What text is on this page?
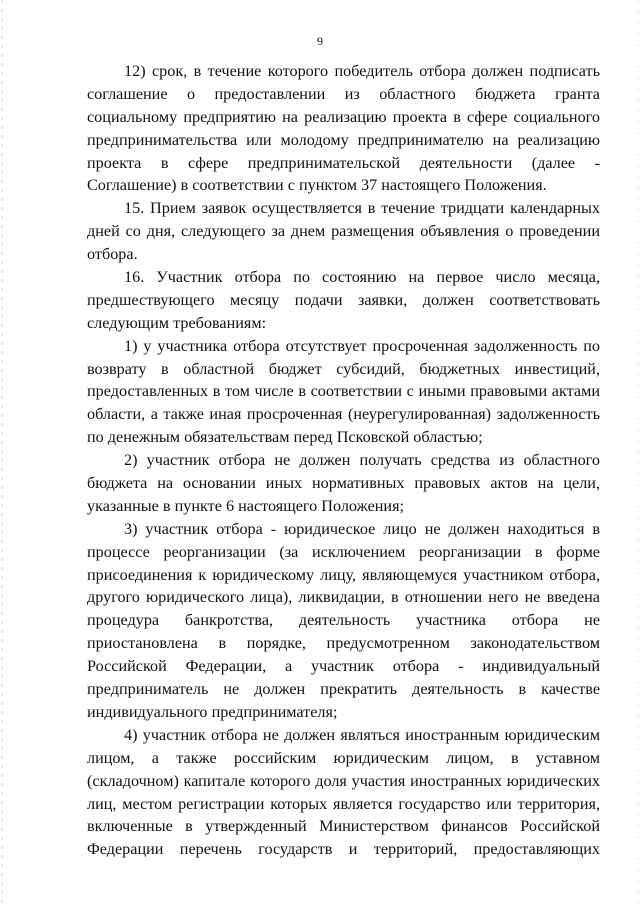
9
12) срок, в течение которого победитель отбора должен подписать
соглашение о предоставлении из областного бюджета гранта
социальному предприятию на реализацию проекта в сфере социального
предпринимательства или молодому предпринимателю на реализацию
проекта в сфере предпринимательской деятельности (далее -
Соглашение) в соответствии с пунктом 37 настоящего Положения.
15. Прием заявок осуществляется в течение тридцати календарных
дней со дня, следующего за днем размещения объявления о проведении
отбора.
16. Участник отбора по состоянию на первое число месяца,
предшествующего месяцу подачи заявки, должен соответствовать
следующим требованиям:
1) у участника отбора отсутствует просроченная задолженность по
возврату в областной бюджет субсидий, бюджетных инвестиций,
предоставленных в том числе в соответствии с иными правовыми актами
области, а также иная просроченная (неурегулированная) задолженность
по денежным обязательствам перед Псковской областью;
2) участник отбора не должен получать средства из областного
бюджета на основании иных нормативных правовых актов на цели,
указанные в пункте 6 настоящего Положения;
3) участник отбора - юридическое лицо не должен находиться в
процессе реорганизации (за исключением реорганизации в форме
присоединения к юридическому лицу, являющемуся участником отбора,
другого юридического лица), ликвидации, в отношении него не введена
процедура банкротства, деятельность участника отбора не
приостановлена в порядке, предусмотренном законодательством
Российской Федерации, а участник отбора - индивидуальный
предприниматель не должен прекратить деятельность в качестве
индивидуального предпринимателя;
4) участник отбора не должен являться иностранным юридическим
лицом, а также российским юридическим лицом, в уставном
(складочном) капитале которого доля участия иностранных юридических
лиц, местом регистрации которых является государство или территория,
включенные в утвержденный Министерством финансов Российской
Федерации перечень государств и территорий, предоставляющих
